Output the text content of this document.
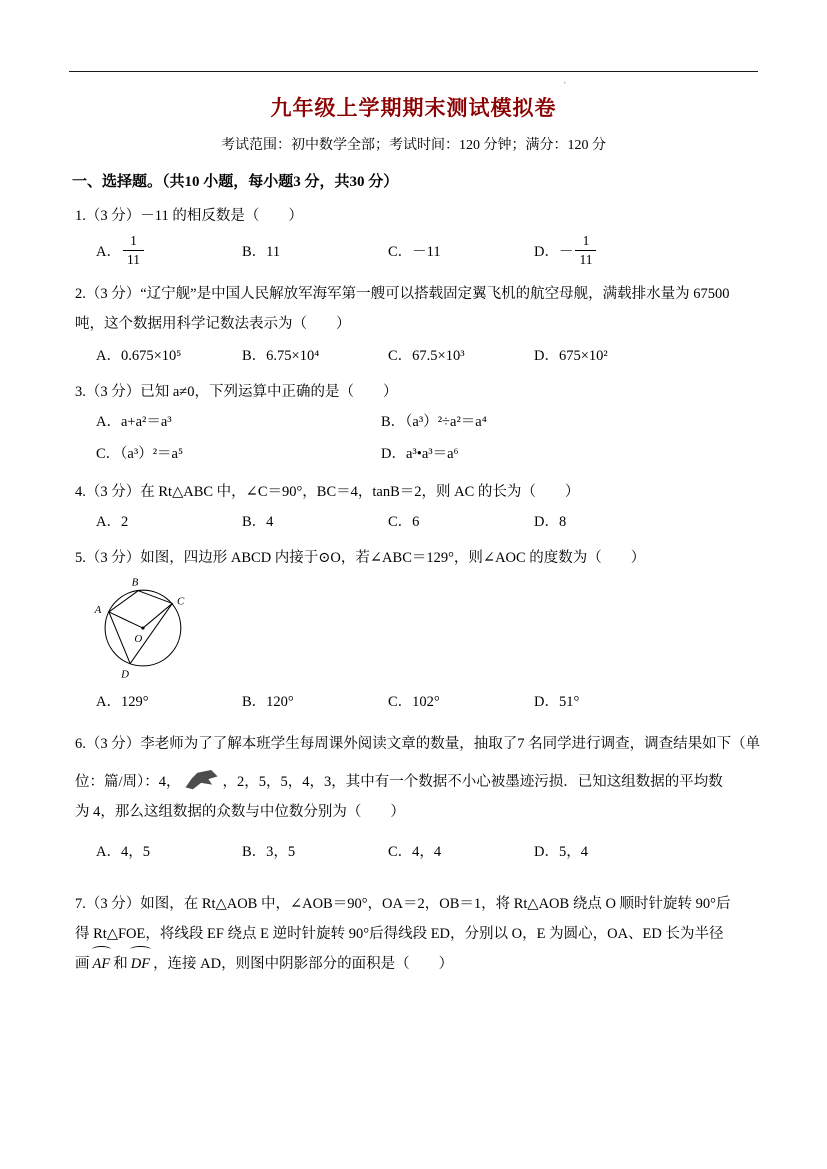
ˈ
九年级上学期期末测试模拟卷
考试范围：初中数学全部；考试时间：120 分钟；满分：120 分
一、选择题。（共10 小题，每小题3 分，共30 分）
1.（3 分）－11 的相反数是（　　）
A． $\frac{1}{11}$	B．11	C．－11	D．－ $\frac{1}{11}$
2.（3 分）“辽宁舰”是中国人民解放军海军第一艘可以搭载固定翼飞机的航空母舰，满载排水量为 67500
吨，这个数据用科学记数法表示为（　　）
A．0.675×10⁵	B．6.75×10⁴	C．67.5×10³	D．675×10²
3.（3 分）已知 a≠0，下列运算中正确的是（　　）
A．a+a²＝a³	B．（a³）²÷a²＝a⁴
C．（a³）²＝a⁵	D．a³•a³＝a⁶
4.（3 分）在 Rt△ABC 中，∠C＝90°，BC＝4，tanB＝2，则 AC 的长为（　　）
A．2	B．4	C．6	D．8
5.（3 分）如图，四边形 ABCD 内接于⊙O，若∠ABC＝129°，则∠AOC 的度数为（　　）
A
B
C
D
O
A．129°	B．120°	C．102°	D．51°
6.（3 分）李老师为了了解本班学生每周课外阅读文章的数量，抽取了7 名同学进行调查，调查结果如下（单
位：篇/周）：4，	，2，5，5，4，3，其中有一个数据不小心被墨迹污损．已知这组数据的平均数
为 4，那么这组数据的众数与中位数分别为（　　）
A．4，5	B．3，5	C．4，4	D．5，4
7.（3 分）如图，在 Rt△AOB 中，∠AOB＝90°，OA＝2，OB＝1，将 Rt△AOB 绕点 O 顺时针旋转 90°后
得 Rt△FOE，将线段 EF 绕点 E 逆时针旋转 90°后得线段 ED，分别以 O，E 为圆心，OA、ED 长为半径
画 AF 和 DF ，连接 AD，则图中阴影部分的面积是（　　）
